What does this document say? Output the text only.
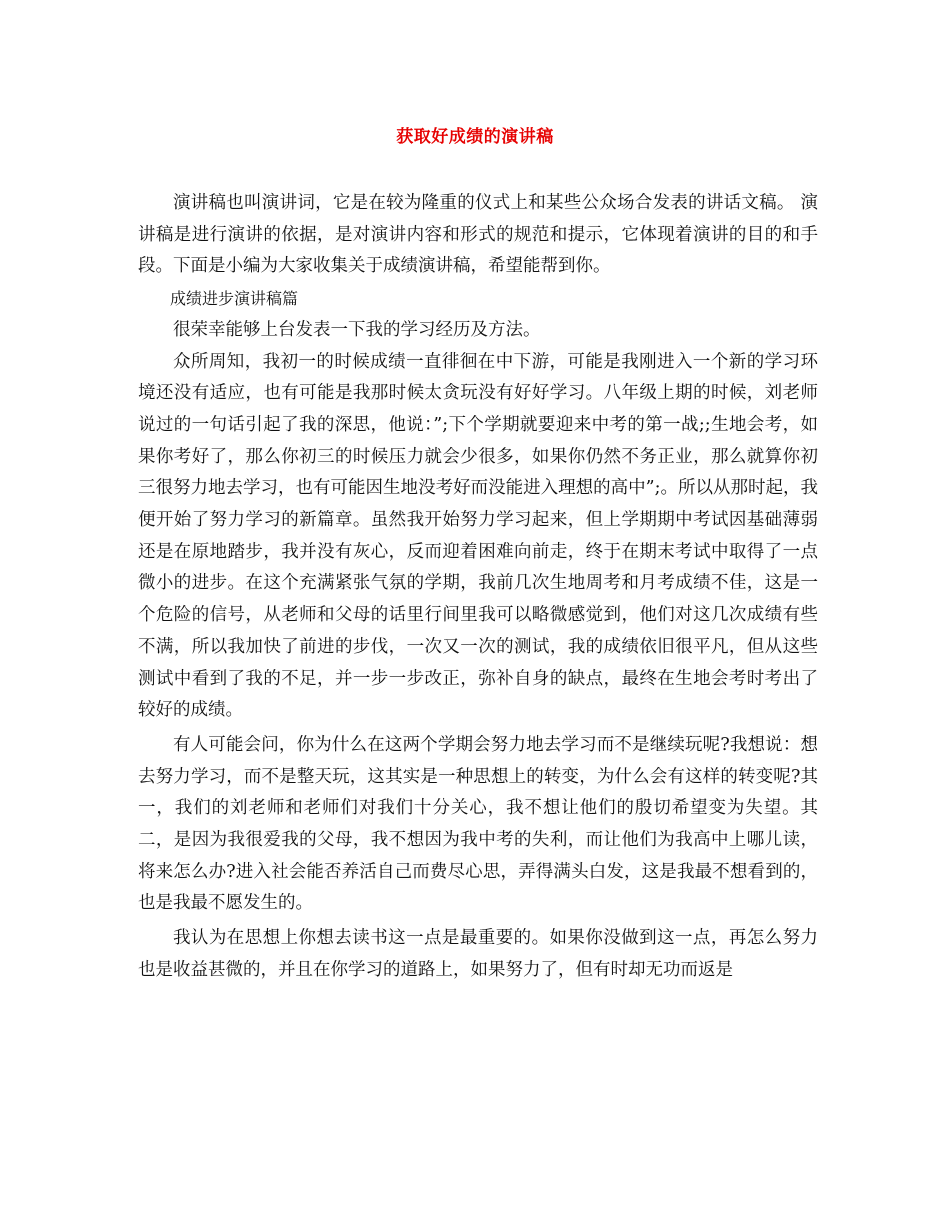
获取好成绩的演讲稿

演讲稿也叫演讲词，它是在较为隆重的仪式上和某些公众场合发表的讲话文稿。 演讲稿是进行演讲的依据，是对演讲内容和形式的规范和提示，它体现着演讲的目的和手段。下面是小编为大家收集关于成绩演讲稿，希望能帮到你。

成绩进步演讲稿篇

很荣幸能够上台发表一下我的学习经历及方法。

众所周知，我初一的时候成绩一直徘徊在中下游，可能是我刚进入一个新的学习环境还没有适应，也有可能是我那时候太贪玩没有好好学习。八年级上期的时候，刘老师说过的一句话引起了我的深思，他说：”;下个学期就要迎来中考的第一战;;生地会考，如果你考好了，那么你初三的时候压力就会少很多，如果你仍然不务正业，那么就算你初三很努力地去学习，也有可能因生地没考好而没能进入理想的高中”;。所以从那时起，我便开始了努力学习的新篇章。虽然我开始努力学习起来，但上学期期中考试因基础薄弱还是在原地踏步，我并没有灰心，反而迎着困难向前走，终于在期末考试中取得了一点微小的进步。在这个充满紧张气氛的学期，我前几次生地周考和月考成绩不佳，这是一个危险的信号，从老师和父母的话里行间里我可以略微感觉到，他们对这几次成绩有些不满，所以我加快了前进的步伐，一次又一次的测试，我的成绩依旧很平凡，但从这些测试中看到了我的不足，并一步一步改正，弥补自身的缺点，最终在生地会考时考出了较好的成绩。

有人可能会问，你为什么在这两个学期会努力地去学习而不是继续玩呢?我想说：想去努力学习，而不是整天玩，这其实是一种思想上的转变，为什么会有这样的转变呢?其一，我们的刘老师和老师们对我们十分关心，我不想让他们的殷切希望变为失望。其二，是因为我很爱我的父母，我不想因为我中考的失利，而让他们为我高中上哪儿读，将来怎么办?进入社会能否养活自己而费尽心思，弄得满头白发，这是我最不想看到的，也是我最不愿发生的。

我认为在思想上你想去读书这一点是最重要的。如果你没做到这一点，再怎么努力也是收益甚微的，并且在你学习的道路上，如果努力了，但有时却无功而返是
